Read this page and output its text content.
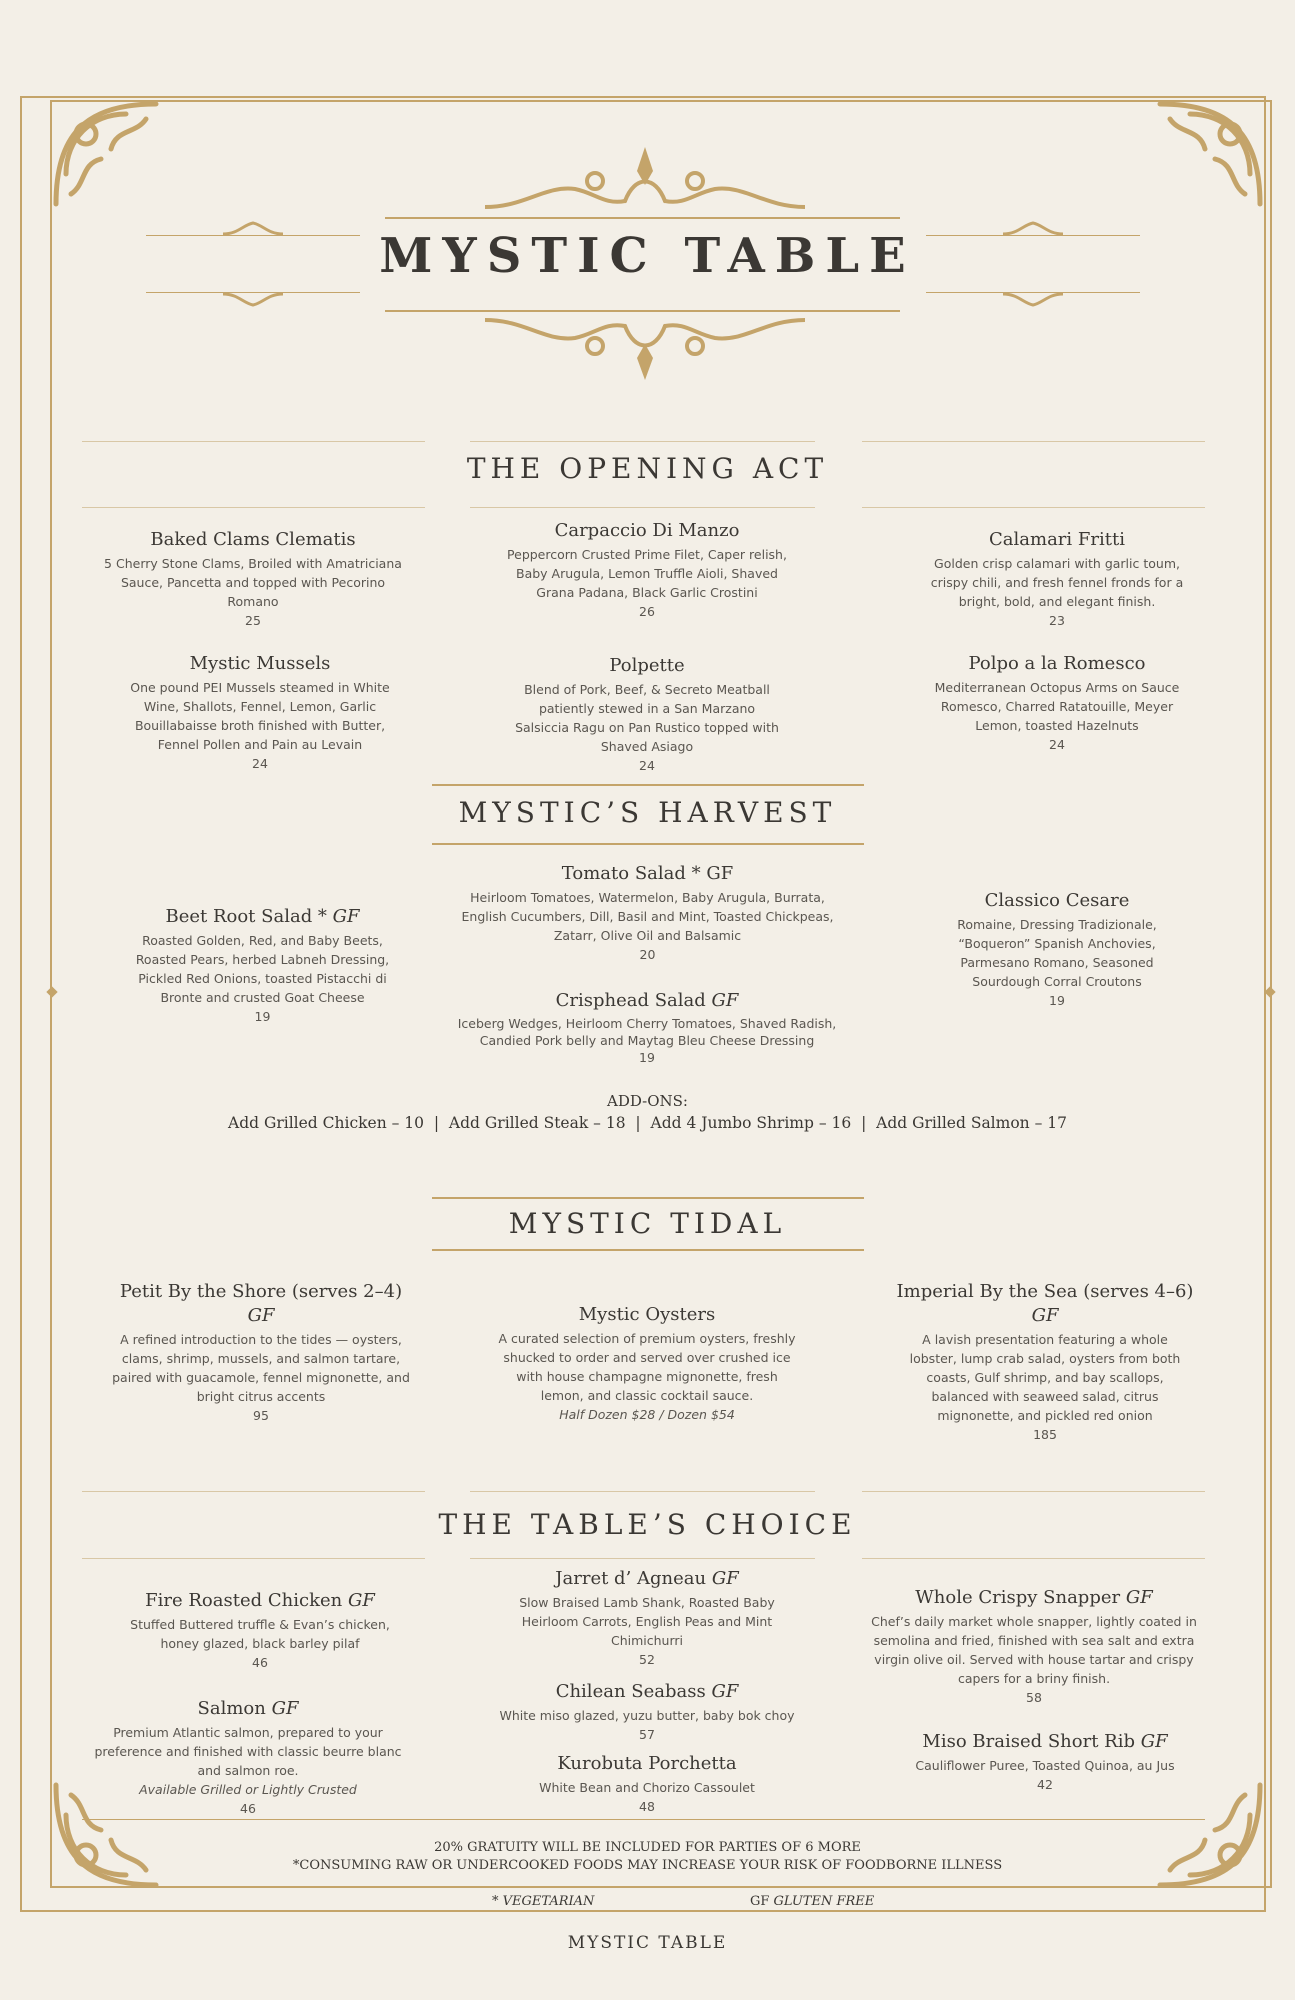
MYSTIC TABLE
THE OPENING ACT
Baked Clams Clematis
5 Cherry Stone Clams, Broiled with Amatriciana Sauce, Pancetta and topped with Pecorino Romano
25
Carpaccio Di Manzo
Peppercorn Crusted Prime Filet, Caper relish, Baby Arugula, Lemon Truffle Aioli, Shaved Grana Padana, Black Garlic Crostini
26
Calamari Fritti
Golden crisp calamari with garlic toum, crispy chili, and fresh fennel fronds for a bright, bold, and elegant finish.
23
Mystic Mussels
One pound PEI Mussels steamed in White Wine, Shallots, Fennel, Lemon, Garlic Bouillabaisse broth finished with Butter, Fennel Pollen and Pain au Levain
24
Polpette
Blend of Pork, Beef, & Secreto Meatball patiently stewed in a San Marzano Salsiccia Ragu on Pan Rustico topped with Shaved Asiago
24
Polpo a la Romesco
Mediterranean Octopus Arms on Sauce Romesco, Charred Ratatouille, Meyer Lemon, toasted Hazelnuts
24
MYSTIC’S HARVEST
Beet Root Salad * GF
Roasted Golden, Red, and Baby Beets, Roasted Pears, herbed Labneh Dressing, Pickled Red Onions, toasted Pistacchi di Bronte and crusted Goat Cheese
19
Tomato Salad * GF
Heirloom Tomatoes, Watermelon, Baby Arugula, Burrata, English Cucumbers, Dill, Basil and Mint, Toasted Chickpeas, Zatarr, Olive Oil and Balsamic
20
Classico Cesare
Romaine, Dressing Tradizionale, “Boqueron” Spanish Anchovies, Parmesano Romano, Seasoned Sourdough Corral Croutons
19
Crisphead Salad GF
Iceberg Wedges, Heirloom Cherry Tomatoes, Shaved Radish, Candied Pork belly and Maytag Bleu Cheese Dressing
19
ADD-ONS:
Add Grilled Chicken – 10  |  Add Grilled Steak – 18  |  Add 4 Jumbo Shrimp – 16  |  Add Grilled Salmon – 17
MYSTIC TIDAL
Petit By the Shore (serves 2–4) GF
A refined introduction to the tides — oysters, clams, shrimp, mussels, and salmon tartare, paired with guacamole, fennel mignonette, and bright citrus accents
95
Mystic Oysters
A curated selection of premium oysters, freshly shucked to order and served over crushed ice with house champagne mignonette, fresh lemon, and classic cocktail sauce.
Half Dozen $28 / Dozen $54
Imperial By the Sea (serves 4–6) GF
A lavish presentation featuring a whole lobster, lump crab salad, oysters from both coasts, Gulf shrimp, and bay scallops, balanced with seaweed salad, citrus mignonette, and pickled red onion
185
THE TABLE’S CHOICE
Fire Roasted Chicken GF
Stuffed Buttered truffle & Evan’s chicken, honey glazed, black barley pilaf
46
Jarret d’ Agneau GF
Slow Braised Lamb Shank, Roasted Baby Heirloom Carrots, English Peas and Mint Chimichurri
52
Whole Crispy Snapper GF
Chef’s daily market whole snapper, lightly coated in semolina and fried, finished with sea salt and extra virgin olive oil. Served with house tartar and crispy capers for a briny finish.
58
Salmon GF
Premium Atlantic salmon, prepared to your preference and finished with classic beurre blanc and salmon roe.
Available Grilled or Lightly Crusted
46
Chilean Seabass GF
White miso glazed, yuzu butter, baby bok choy
57
Kurobuta Porchetta
White Bean and Chorizo Cassoulet
48
Miso Braised Short Rib GF
Cauliflower Puree, Toasted Quinoa, au Jus
42
20% GRATUITY WILL BE INCLUDED FOR PARTIES OF 6 MORE
*CONSUMING RAW OR UNDERCOOKED FOODS MAY INCREASE YOUR RISK OF FOODBORNE ILLNESS
* VEGETARIAN	GF GLUTEN FREE
MYSTIC TABLE
